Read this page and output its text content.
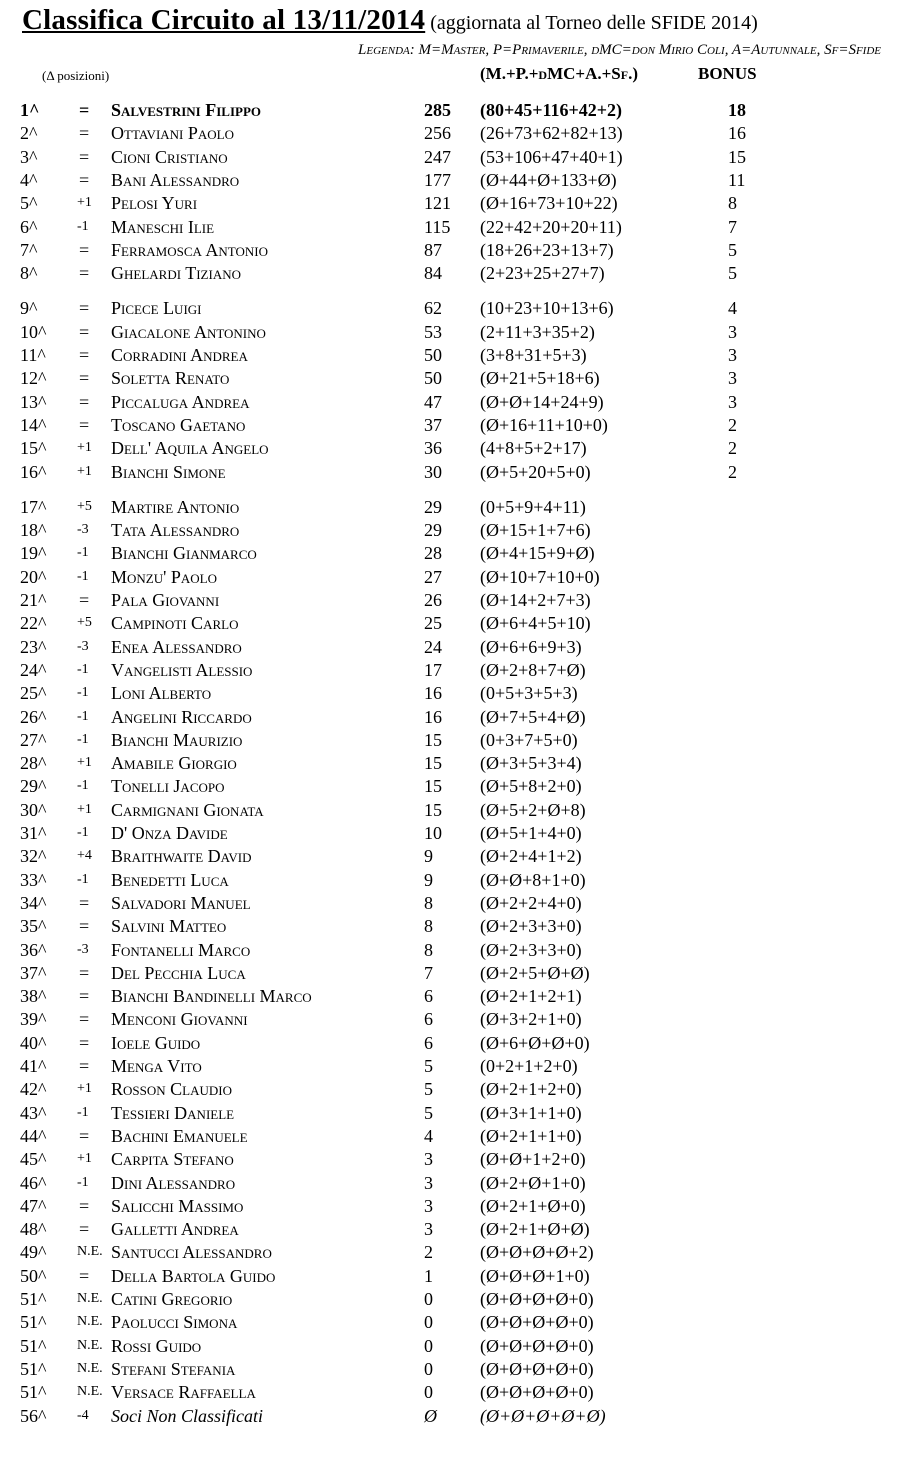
Classifica Circuito al 13/11/2014 (aggiornata al Torneo delle SFIDE 2014)
Legenda: M=Master, P=Primaverile, dMC=don Mirio Coli, A=Autunnale, Sf=Sfide
(Δ posizioni)	(M.+P.+dMC+A.+Sf.)	BONUS
1^ = Salvestrini Filippo	285 (80+45+116+42+2)	18
2^ = Ottaviani Paolo	256 (26+73+62+82+13)	16
3^ = Cioni Cristiano	247 (53+106+47+40+1)	15
4^ = Bani Alessandro	177 (Ø+44+Ø+133+Ø)	11
5^	+1 Pelosi Yuri	121 (Ø+16+73+10+22)	8
6^	-1 Maneschi Ilie	115 (22+42+20+20+11)	7
7^ = Ferramosca Antonio	87 (18+26+23+13+7)	5
8^ = Ghelardi Tiziano	84 (2+23+25+27+7)	5
9^ = Picece Luigi	62 (10+23+10+13+6)	4
10^ = Giacalone Antonino	53 (2+11+3+35+2)	3
11^ = Corradini Andrea	50 (3+8+31+5+3)	3
12^ = Soletta Renato	50 (Ø+21+5+18+6)	3
13^ = Piccaluga Andrea	47 (Ø+Ø+14+24+9)	3
14^ = Toscano Gaetano	37 (Ø+16+11+10+0)	2
15^ +1 Dell' Aquila Angelo	36 (4+8+5+2+17)	2
16^ +1 Bianchi Simone	30 (Ø+5+20+5+0)	2
17^ +5 Martire Antonio	29 (0+5+9+4+11)
18^ -3 Tata Alessandro	29 (Ø+15+1+7+6)
19^ -1 Bianchi Gianmarco	28 (Ø+4+15+9+Ø)
20^ -1 Monzu' Paolo	27 (Ø+10+7+10+0)
21^ = Pala Giovanni	26 (Ø+14+2+7+3)
22^ +5 Campinoti Carlo	25 (Ø+6+4+5+10)
23^ -3 Enea Alessandro	24 (Ø+6+6+9+3)
24^ -1 Vangelisti Alessio	17 (Ø+2+8+7+Ø)
25^ -1 Loni Alberto	16 (0+5+3+5+3)
26^ -1 Angelini Riccardo	16 (Ø+7+5+4+Ø)
27^ -1 Bianchi Maurizio	15 (0+3+7+5+0)
28^ +1 Amabile Giorgio	15 (Ø+3+5+3+4)
29^ -1 Tonelli Jacopo	15 (Ø+5+8+2+0)
30^ +1 Carmignani Gionata	15 (Ø+5+2+Ø+8)
31^ -1 D' Onza Davide	10 (Ø+5+1+4+0)
32^ +4 Braithwaite David	9	(Ø+2+4+1+2)
33^ -1 Benedetti Luca	9	(Ø+Ø+8+1+0)
34^ = Salvadori Manuel	8	(Ø+2+2+4+0)
35^ = Salvini Matteo	8	(Ø+2+3+3+0)
36^ -3 Fontanelli Marco	8	(Ø+2+3+3+0)
37^ = Del Pecchia Luca	7	(Ø+2+5+Ø+Ø)
38^ = Bianchi Bandinelli Marco	6	(Ø+2+1+2+1)
39^ = Menconi Giovanni	6	(Ø+3+2+1+0)
40^ = Ioele Guido	6	(Ø+6+Ø+Ø+0)
41^ = Menga Vito	5	(0+2+1+2+0)
42^ +1 Rosson Claudio	5	(Ø+2+1+2+0)
43^ -1 Tessieri Daniele	5	(Ø+3+1+1+0)
44^ = Bachini Emanuele	4	(Ø+2+1+1+0)
45^ +1 Carpita Stefano	3	(Ø+Ø+1+2+0)
46^ -1 Dini Alessandro	3	(Ø+2+Ø+1+0)
47^ = Salicchi Massimo	3	(Ø+2+1+Ø+0)
48^ = Galletti Andrea	3	(Ø+2+1+Ø+Ø)
49^ N.E. Santucci Alessandro	2	(Ø+Ø+Ø+Ø+2)
50^ = Della Bartola Guido	1	(Ø+Ø+Ø+1+0)
51^ N.E. Catini Gregorio	0	(Ø+Ø+Ø+Ø+0)
51^ N.E. Paolucci Simona	0	(Ø+Ø+Ø+Ø+0)
51^ N.E. Rossi Guido	0	(Ø+Ø+Ø+Ø+0)
51^ N.E. Stefani Stefania	0	(Ø+Ø+Ø+Ø+0)
51^ N.E. Versace Raffaella	0	(Ø+Ø+Ø+Ø+0)
56^ -4 Soci Non Classificati	Ø (Ø+Ø+Ø+Ø+Ø)
